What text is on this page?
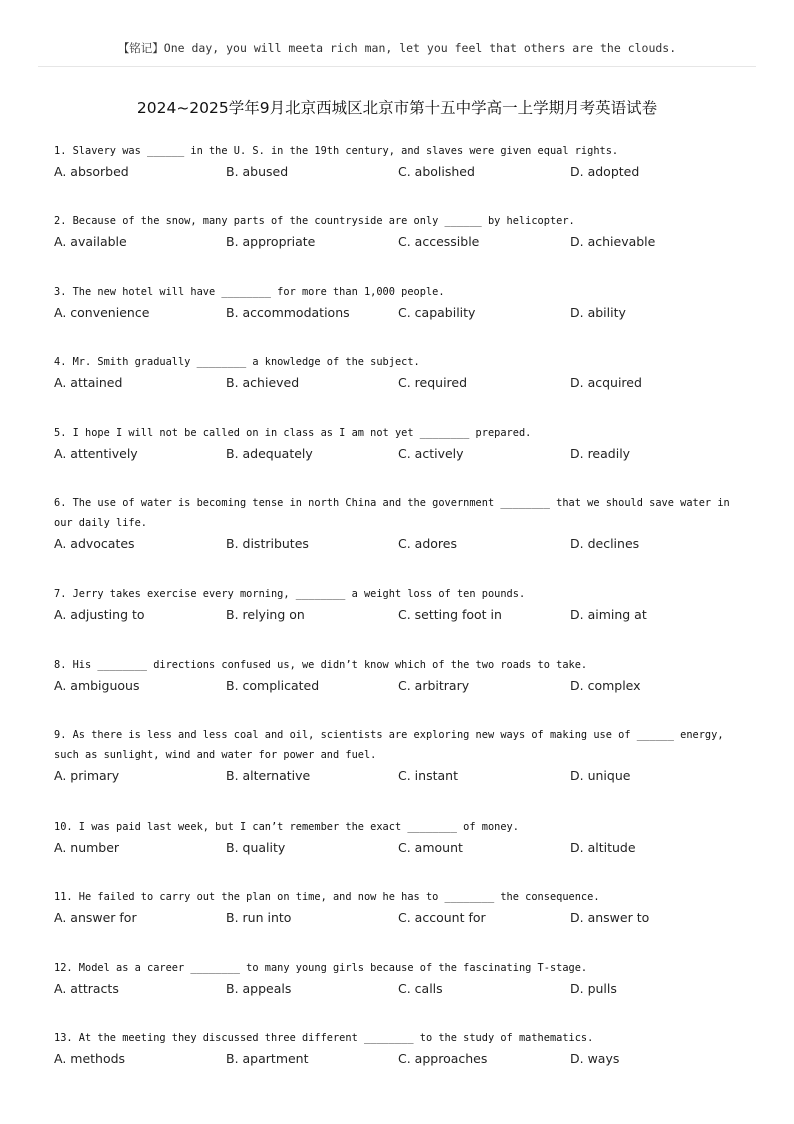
【铭记】One day, you will meeta rich man, let you feel that others are the clouds.
2024~2025学年9月北京西城区北京市第十五中学高一上学期月考英语试卷

1. Slavery was ______ in the U. S. in the 19th century, and slaves were given equal rights.

A. absorbed	B. abused	C. abolished	D. adopted

2. Because of the snow, many parts of the countryside are only ______ by helicopter.

A. available	B. appropriate	C. accessible	D. achievable

3. The new hotel will have ________ for more than 1,000 people.

A. convenience	B. accommodations	C. capability	D. ability

4. Mr. Smith gradually ________ a knowledge of the subject.

A. attained	B. achieved	C. required	D. acquired

5. I hope I will not be called on in class as I am not yet ________ prepared.

A. attentively	B. adequately	C. actively	D. readily

6. The use of water is becoming tense in north China and the government ________ that we should save water in our daily life.

A. advocates	B. distributes	C. adores	D. declines

7. Jerry takes exercise every morning, ________ a weight loss of ten pounds.

A. adjusting to	B. relying on	C. setting foot in	D. aiming at

8. His ________ directions confused us, we didn’t know which of the two roads to take.

A. ambiguous	B. complicated	C. arbitrary	D. complex

9. As there is less and less coal and oil, scientists are exploring new ways of making use of ______ energy, such as sunlight, wind and water for power and fuel.

A. primary	B. alternative	C. instant	D. unique

10. I was paid last week, but I can’t remember the exact ________ of money.

A. number	B. quality	C. amount	D. altitude

11. He failed to carry out the plan on time, and now he has to ________ the consequence.

A. answer for	B. run into	C. account for	D. answer to

12. Model as a career ________ to many young girls because of the fascinating T-stage.

A. attracts	B. appeals	C. calls	D. pulls

13. At the meeting they discussed three different ________ to the study of mathematics.

A. methods	B. apartment	C. approaches	D. ways
